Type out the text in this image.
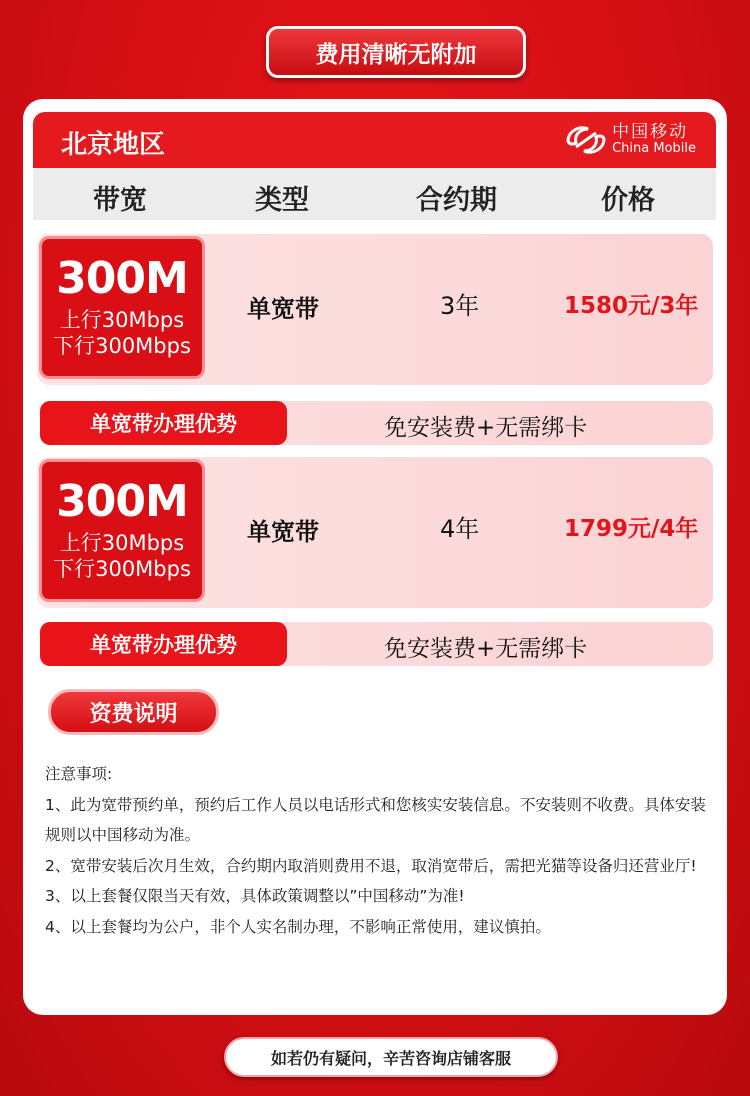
费用清晰无附加
北京地区	中国移动
China Mobile
带宽	类型	合约期	价格
300M
上行30Mbps
下行300Mbps
单宽带	3年	1580元/3年
单宽带办理优势	免安装费+无需绑卡
300M
上行30Mbps
下行300Mbps
单宽带	4年	1799元/4年
单宽带办理优势	免安装费+无需绑卡
资费说明

注意事项:

1、此为宽带预约单，预约后工作人员以电话形式和您核实安装信息。不安装则不收费。具体安装规则以中国移动为准。

2、宽带安装后次月生效，合约期内取消则费用不退，取消宽带后，需把光猫等设备归还营业厅!

3、以上套餐仅限当天有效，具体政策调整以”中国移动”为准!

4、以上套餐均为公户，非个人实名制办理，不影响正常使用，建议慎拍。

如若仍有疑问，辛苦咨询店铺客服
